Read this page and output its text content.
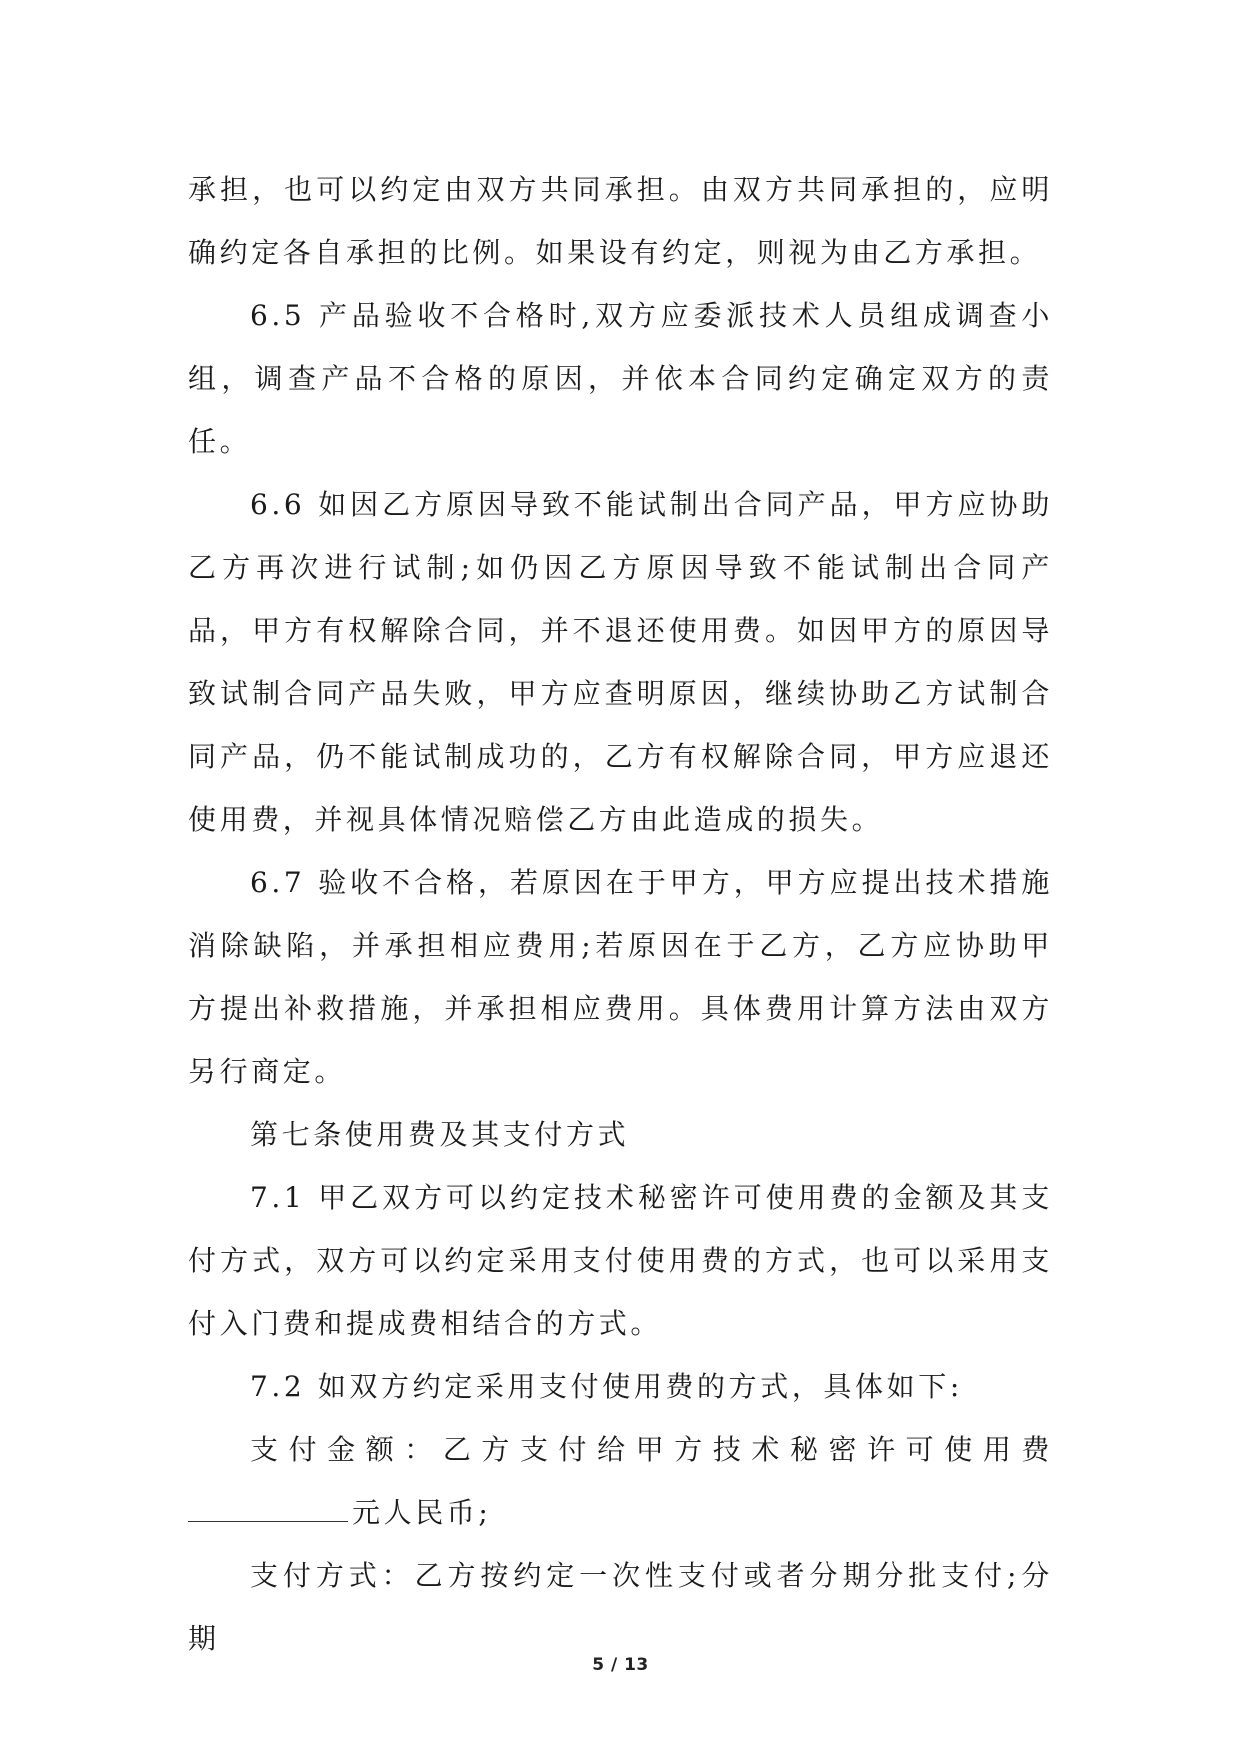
承担，也可以约定由双方共同承担。由双方共同承担的，应明确约定各自承担的比例。如果设有约定，则视为由乙方承担。

6.5 产品验收不合格时,双方应委派技术人员组成调查小组，调查产品不合格的原因，并依本合同约定确定双方的责任。

6.6 如因乙方原因导致不能试制出合同产品，甲方应协助乙方再次进行试制;如仍因乙方原因导致不能试制出合同产品，甲方有权解除合同，并不退还使用费。如因甲方的原因导致试制合同产品失败，甲方应查明原因，继续协助乙方试制合同产品，仍不能试制成功的，乙方有权解除合同，甲方应退还使用费，并视具体情况赔偿乙方由此造成的损失。

6.7 验收不合格，若原因在于甲方，甲方应提出技术措施消除缺陷，并承担相应费用;若原因在于乙方，乙方应协助甲方提出补救措施，并承担相应费用。具体费用计算方法由双方另行商定。

第七条使用费及其支付方式

7.1 甲乙双方可以约定技术秘密许可使用费的金额及其支付方式，双方可以约定采用支付使用费的方式，也可以采用支付入门费和提成费相结合的方式。

7.2 如双方约定采用支付使用费的方式，具体如下:

支付金额：乙方支付给甲方技术秘密许可使用费

元人民币;

支付方式：乙方按约定一次性支付或者分期分批支付;分期

5 / 13
